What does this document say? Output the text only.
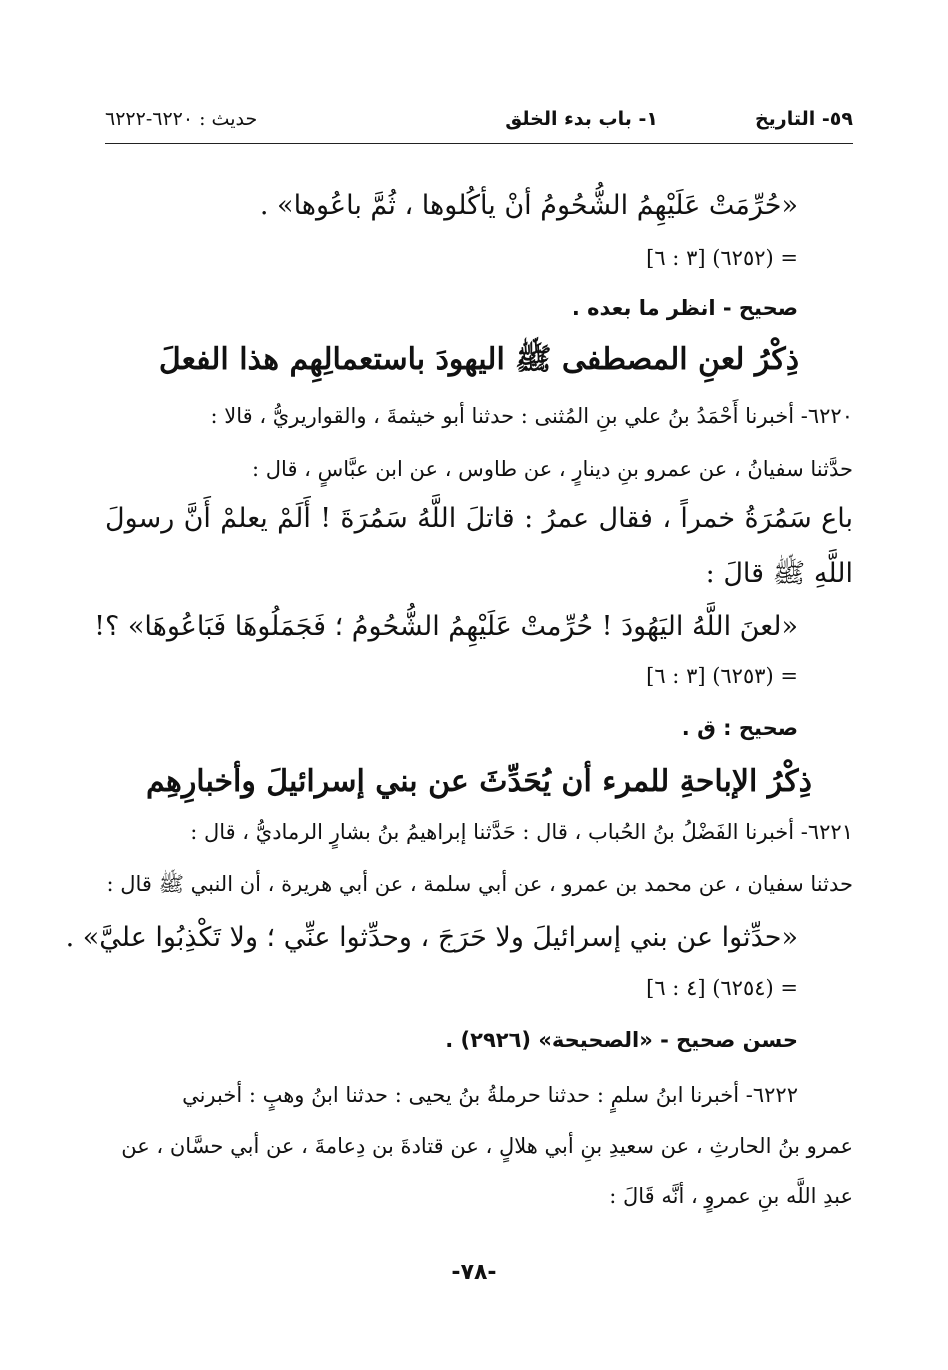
٥٩- التاريخ
١- باب بدء الخلق
حديث : ٦٢٢٠-٦٢٢٢
«حُرِّمَتْ عَلَيْهِمُ الشُّحُومُ أنْ يأكُلوها ، ثُمَّ باعُوها» .
= (٦٢٥٢) [٣ : ٦]
صحيح - انظر ما بعده .
ذِكْرُ لعنِ المصطفى ﷺ اليهودَ باستعمالِهِم هذا الفعلَ
٦٢٢٠- أخبرنا أَحْمَدُ بنُ علي بنِ المُثنى : حدثنا أبو خيثمةَ ، والقواريريُّ ، قالا :
حدَّثنا سفيانُ ، عن عمرو بنِ دينارٍ ، عن طاوس ، عن ابن عبَّاسٍ ، قال :
باع سَمُرَةُ خمراً ، فقال عمرُ : قاتلَ اللَّهُ سَمُرَةَ ! أَلَمْ يعلمْ أَنَّ رسولَ
اللَّهِ ﷺ قالَ :
«لعنَ اللَّهُ اليَهُودَ ! حُرِّمتْ عَلَيْهِمُ الشُّحُومُ ؛ فَجَمَلُوهَا فَبَاعُوهَا» ؟!
= (٦٢٥٣) [٣ : ٦]
صحيح : ق .
ذِكْرُ الإباحةِ للمرء أن يُحَدِّثَ عن بني إسرائيلَ وأخبارِهِم
٦٢٢١- أخبرنا الفَضْلُ بنُ الحُباب ، قال : حَدَّثنا إبراهيمُ بنُ بشارٍ الرماديُّ ، قال :
حدثنا سفيان ، عن محمد بن عمرو ، عن أبي سلمة ، عن أبي هريرة ، أن النبي ﷺ قال :
«حدِّثوا عن بني إسرائيلَ ولا حَرَجَ ، وحدِّثوا عنِّي ؛ ولا تَكْذِبُوا عليَّ» .
= (٦٢٥٤) [٤ : ٦]
حسن صحيح - «الصحيحة» (٢٩٢٦) .
٦٢٢٢- أخبرنا ابنُ سلمٍ : حدثنا حرملةُ بنُ يحيى : حدثنا ابنُ وهبٍ : أخبرني
عمرو بنُ الحارثِ ، عن سعيدِ بنِ أبي هلالٍ ، عن قتادةَ بن دِعامةَ ، عن أبي حسَّان ، عن
عبدِ اللَّه بنِ عمروٍ ، أنَّه قَالَ :
-٧٨-
